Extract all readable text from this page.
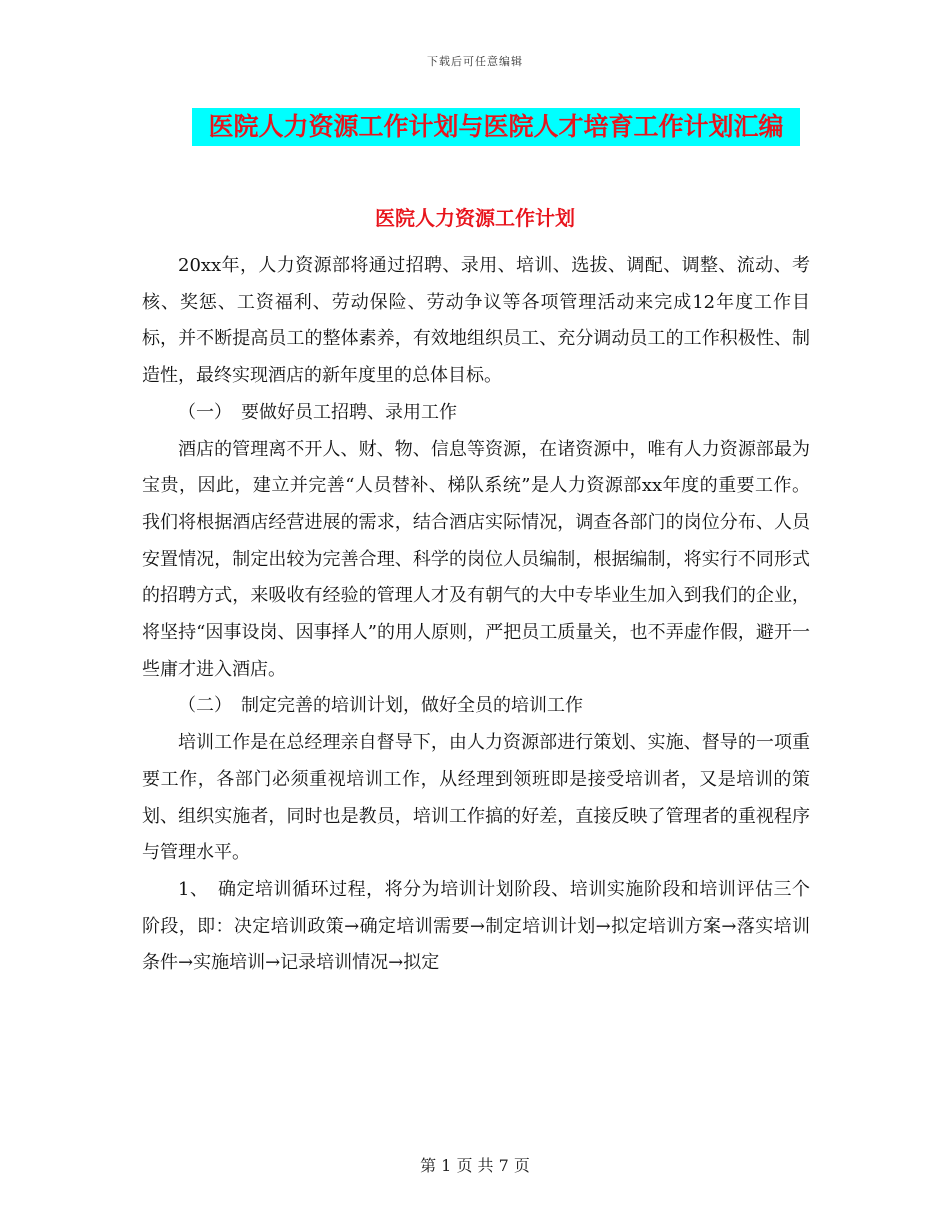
下载后可任意编辑
医院人力资源工作计划与医院人才培育工作计划汇编
医院人力资源工作计划

20xx年，人力资源部将通过招聘、录用、培训、选拔、调配、调整、流动、考核、奖惩、工资福利、劳动保险、劳动争议等各项管理活动来完成12年度工作目标，并不断提高员工的整体素养，有效地组织员工、充分调动员工的工作积极性、制造性，最终实现酒店的新年度里的总体目标。

（一）　要做好员工招聘、录用工作

酒店的管理离不开人、财、物、信息等资源，在诸资源中，唯有人力资源部最为宝贵，因此，建立并完善“人员替补、梯队系统”是人力资源部xx年度的重要工作。我们将根据酒店经营进展的需求，结合酒店实际情况，调查各部门的岗位分布、人员安置情况，制定出较为完善合理、科学的岗位人员编制，根据编制，将实行不同形式的招聘方式，来吸收有经验的管理人才及有朝气的大中专毕业生加入到我们的企业，将坚持“因事设岗、因事择人”的用人原则，严把员工质量关，也不弄虚作假，避开一些庸才进入酒店。

（二）　制定完善的培训计划，做好全员的培训工作

培训工作是在总经理亲自督导下，由人力资源部进行策划、实施、督导的一项重要工作，各部门必须重视培训工作，从经理到领班即是接受培训者，又是培训的策划、组织实施者，同时也是教员，培训工作搞的好差，直接反映了管理者的重视程序与管理水平。

1、　确定培训循环过程，将分为培训计划阶段、培训实施阶段和培训评估三个阶段，即：决定培训政策→确定培训需要→制定培训计划→拟定培训方案→落实培训条件→实施培训→记录培训情况→拟定

第 1 页 共 7 页
